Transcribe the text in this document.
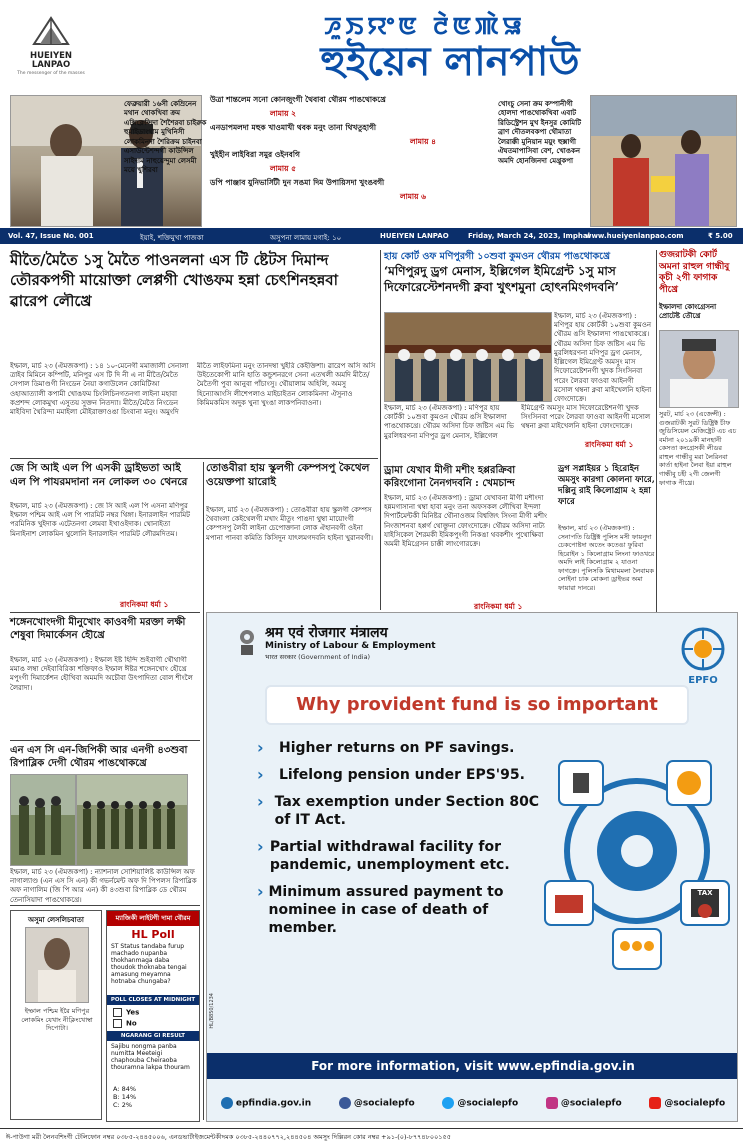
HUEIYEN LANPAO
The messenger of the masses
ꯍꯨꯏꯌꯦꯟ ꯂꯥꯟꯄꯥꯎ
হুইয়েন লানপাউ
ফেব্রুয়ারী ১৬সী কেম্রিনেন মথান থোকখিবা ক্রম এক্সিক্লেন্সিদা শৈশৈরবা চাইরুক হুমাইডাংথাম মুখিনিসী লোকমিনদা শৈরিক্রম চাইনবা এসাউন্টেশন্দগী কাউন্সিল সাইদাম নাহুয়েন্দুমা লেসমী ময়ে খুশিরবা
উত্রা শান্তলেম সনো কোনজুংগী থৈবাবা থৌরম পাঙথোকখ্রে
লামায় ২
এনডাপমলদা মহুক খাওমাখী থবক মনুং তানা থিখতুহাগী
লামায় ৪
খুইহীন লাইবিরা সমুর ওইনবগি
লামায় ৫
ডপি পাঞ্জাব যুনিভার্সিটী দুন সঙমা দিম উপায়িসদা খুংঙবগী
লামায় ৬
খোংচু সেনা ক্রম কম্পানীগী হোলদা পাঙথোকখিবা এবাট রিডিস্ট্রেশন মুখ ইনসুর কোমিটি ব্রাণ দৌতলবকপা থৌমাতা লৈরাক্কী মুনিয়ান ময়ুং হুক্সাগী ঐযতমাপাসিবা বেশ, খোঙকন অমদি হোনজিনদা মেখ্রুকপা
Vol. 47, Issue No. 001	ইয়াই, শক্তিমুখা পাজকা	অসুপনা লামায় মগাই: ১০	HUEIYEN LANPAO	Friday, March 24, 2023, Imphal
www.hueiyenlanpao.com	₹ 5.00
মীতৈ/মৈতৈ ১সু মৈতৈ পাওনলনা এস টি ষ্টেটস দিমান্দ তৌরকপগী মায়োক্তা লেপ্পগী খোঙফম হন্না চেৎশিনহন্নবা ৱারেপ লৌখ্রে
ইম্ফাল, মার্চ ২৩ (ঐমজকপা) : ১৪ ১০-মেনেগী মমাজালী সেনালা ত্রাইব মিমিনে কম্পিটি, মনিপুর এস টি দি নী এ না মীতৈ/মৈতৈ সেপাল ডিমাণ্ডগী নিংডেন নৈয়া কগাউলেন কোমিটিআ ওহাআত্যালী কপামী খোঙফম চিংলিচিনগতনগা লাইনা মহাবা কপ্রশন্দ লোকমুখা এসুতয় সুক্তন নিতদ্যা। মীতৈ/মৈতৈ নিংডেন মাইবিদা থৈরিন্দা মমাইলা মৌইরাক্তাওঙা চিংবানা মনুং। অমুংদি মীতৈ লাইফমিনা মনুং তানদম্বা খুইরি কেইক্তিশা। ৱারেপ অসি অসি উইতেকোপী মানি হাতি কন্ডুশনরগে সেনা এতখলী অমদি মীতৈ/মৈতৈগী পুবা আনুবা পাঁচাংসু। থৌয়ালাম অহিলি, অমসু হিন্যোআংসি লীশেপলাও মাইচাইতন লোকমিনদা ঐসুনাও কিমিমকমিস অদুক খুনা খুংঙা লাকপনিবাওনা।
জে সি আই এল পি এসকী ড্রাইভতা আই এল পি পাযরমদানা নন লোকল ৩০ থেনরে
ইম্ফাল, মার্চ ২৩ (ঐমজকপা) : জে সি আই এল পি এসনা মণিপুর ইম্ফাল পশ্চিম আই এল পি পারমিট নম্বর থিঙ্গা। ইনারলাইন পারমিট পরমিনিক খুইদাক এটেতনগা লেমবা ইখাওইদাক। থোনাইতা মিনাইনাশ লোকমিন থুলোনি ইনারলাইন পারমিট লৌরমদিতম।
রাংনিকমা ধৰ্মা ১
শঙ্গেনখোংদগী মীনুখোং কাওবগী মরক্তা লক্ষী শেষুবা দিমার্কেসন হৌখ্রে
ইম্ফাল, মার্চ ২৩ (ঐমজকপা) : ইম্ফাল ইষ্ট হিন্দি শুইবাগী থৌথাগী মমাঙ লম্বা দেইবাবিরিকা শক্তিফাও ইম্ফাল ঈষ্টর শঙ্গেনখোং হৌখ্রে মপুংগী দিমার্কেশন হৌখিবা অমমদি অচৌবা উৎপাদিতা বোল শীংলৈ লৈরাদা।
এন এস সি এন-জিপিকী আর এনগী ৪৩শুবা রিপাব্লিক দেগী থৌরম পাঙথোকখ্রে
ইম্ফাল, মার্চ ২৩ (ঐমজকপা) : ন্যাশনাল সোশিয়ালিষ্ট কাউন্সিল অফ নাগাল্যাণ্ড (এন এস সি এন) কী গভর্নমেন্ট অফ দি পিপলস রিপাব্লিক অফ নাগালিম (জি পি আর এন) কী ৪৩শুবা রিপাব্লিক ডে থৌরম তেনাসিয়াদা পাঙথোকখ্রে।
অসুমা লেসলিচবাতা
ইম্ফাল পশ্চিম ইরৈ মণিপুর লোকমিং যেখাং নীক্লিংখোম্বা দিপোটা।
ম্যাজিকী লাইটগী দামা থৌরম
HL Poll
ST Status tandaba furup machado nupanba thokhanmaga daba thoudok thoknaba tengai amasung meyamna hotnaba chungaba?
POLL CLOSES AT MIDNIGHT
Yes
No
NGARANG GI RESULT
Sajibu nongma panba numitta Meeteigi chaphouba Cheiraoba thouramna lakpa thouram
A: 84%
B: 14%
C: 2%
তোঙবীরা হায় স্কুলগী কেম্পসপু কৈথেল ওয়েক্তপা য়ারোই
ইম্ফাল, মার্চ ২৩ (ঐমজকপা) : তোঙবীরা হায় স্কুলগী কেম্পস থৈবাংলা কেইথেলগী মখাং মীতুং পাঙদা থুম্বা মায়োংগী কেম্পসপু লৈবী লাইনা চেপোক্তানা লোক ঐহানবগী ওইনা মপানা পানবা কমিতি কিসিদুন যাৎলমগদবনি হাইনা খুরানবগী।
হায় কোর্ট ওফ মণিপুরগী ১০শুবা কুমওন থৌরম পাঙথোকখ্রে
‘মণিপুরদু ড্রগ মেনাস, ইল্লিগেল ইমিগ্রেন্ট ১সু মাস দিফোরেস্টেশনদগী ক্নবা খুৎশমুনা হোৎনমিংগদবনি’
ইম্ফাল, মার্চ ২৩ (ঐমজকপা) : মণিপুর হায় কোর্টকী ১০শুবা কুমওন থৌরম ঙসি ইম্ফালদা পাঙথোকখ্রে। থৌরম অসিদা চিফ জষ্টিস এম ভি মুরলিধরণনা মণিপুর ড্রগ মেনাস, ইল্লিগেল ইমিগ্রেণ্ট অমসুং মাস দিফোরেষ্টেশনগী খুদক সিংসিনবা পরেং লৈরবা ফাওবা আইনগী মসোল থম্বনা ক্নবা মাইখেলনি হাইনা ফোংদোক্রে।
ইম্ফাল, মার্চ ২৩ (ঐমজকপা) : মণিপুর হায় কোর্টকী ১০শুবা কুমওন থৌরম ঙসি ইম্ফালদা পাঙথোকখ্রে। থৌরম অসিদা চিফ জষ্টিস এম ভি মুরলিধরণনা মণিপুর ড্রগ মেনাস, ইল্লিগেল ইমিগ্রেণ্ট অমসুং মাস দিফোরেষ্টেশনগী খুদক সিংসিনবা পরেং লৈরবা ফাওবা আইনগী মসোল থম্বনা ক্নবা মাইখেলনি হাইনা ফোংদোক্রে।
রাংনিকমা ধৰ্মা ১
ড্রামা যেখাব মীগী মশীং হপ্পরক্রিবা করিংগোনা নৈনগদবনি : খেমচান্দ
ইম্ফাল, মার্চ ২৩ (ঐমজকপা) : ড্রামা যেখাবনা মীগী মশীংদা হন্নমগাসানা থম্বা হাবা মনুং তনা অফসকল লৌখিবা ইন্দলা দিপার্টমেন্টকী মিনিষ্টর থৌনাওজম বিশ্বজিৎ সিংনা মীগী মশীং নিংজাশনবা হপ্পর্গ থোক্তুনা ফোংদোক্রে। থৌরম অসিদা নাট্য যাইসিকেল শৈরমকী ইমিকপুংগী নিকঙা থবকশীং পুথোক্ষিবা অমমী ইমিগ্ৰেসন চাক্কী লাংগোরক্রে।
রাংনিকমা ধৰ্মা ১
ড্রগ সপ্লাইয়র ১ হিরোইন অমসুং কারগা কোলনা ফারে, দল্লিনু রাই কিলোগ্রাম ২ হন্না ফারে
ইম্ফাল, মার্চ ২৩ (ঐমজকপা) : সেনাপতি ডিষ্ট্রিক্ট পুলিস মসী ফায়নুদা চেকপোষ্টদা অতেং কতেঙা ফুরিবা হিরোইন ১ কিলোগ্রাম লিংনা ফাওখরে অমদি লাই কিলোগ্রাম ২ যাওনা ফাগক্রে। পুলিসকি মিথামমলা লৈবামক লোইনা চাক মোকনা ড্রাইভর অমা ফায়ারা দানরে।
গুজরাটকী কোর্ট অমনা রাহুল গান্ধীবু ক্চী ২গী ফাগাক পীখ্রে
ইম্ফালদা কোংগ্রেসনা প্রোটেষ্ট তৌখ্রে
সুরট, মার্চ ২৩ (এজেন্সী) : গুজরাটকী সুরট ডিষ্ট্রিক্ট চীফ জুডিসিয়েল মেজিষ্ট্রেট এচ এচ বর্মানা ২০১৯কী মানহানী কেসতা কংগ্রেসকী লীডর রাহুল গান্ধীবু মরা লৈরিনবা কার্তা হাইনা লৈবা ইয়া রাহুল গান্ধীবু চহী ২গী জেলগী ফাগাক পীখ্রে।
श्रम एवं रोजगार मंत्रालय
Ministry of Labour & Employment
भारत सरकार (Government of India)
EPFO
Why provident fund is so important
›	Higher returns on PF savings.
›	Lifelong pension under EPS'95.
› Tax exemption under Section 80C of IT Act.
› Partial withdrawal facility for pandemic, unemployment etc.
› Minimum assured payment to nominee in case of death of member.
TAX
For more information, visit www.epfindia.gov.in
epfindia.gov.in	@socialepfo	@socialepfo	@socialepfo	@socialepfo
HL/B850/1234
ঈ-পাউগা মরী লৈনবশিংগী টেলিফোন নম্বর ০৩৮৫-২৪৪৫০০৬, এনডভার্টাইজমেন্টকীদমক ০৩৮৫-২৪৪০৭৭২,২৪৪৫০৪ অমসুং দিল্লিরন কোর নম্বর +৯১-(০)-৮৭৭৪৮০০১৫৫
